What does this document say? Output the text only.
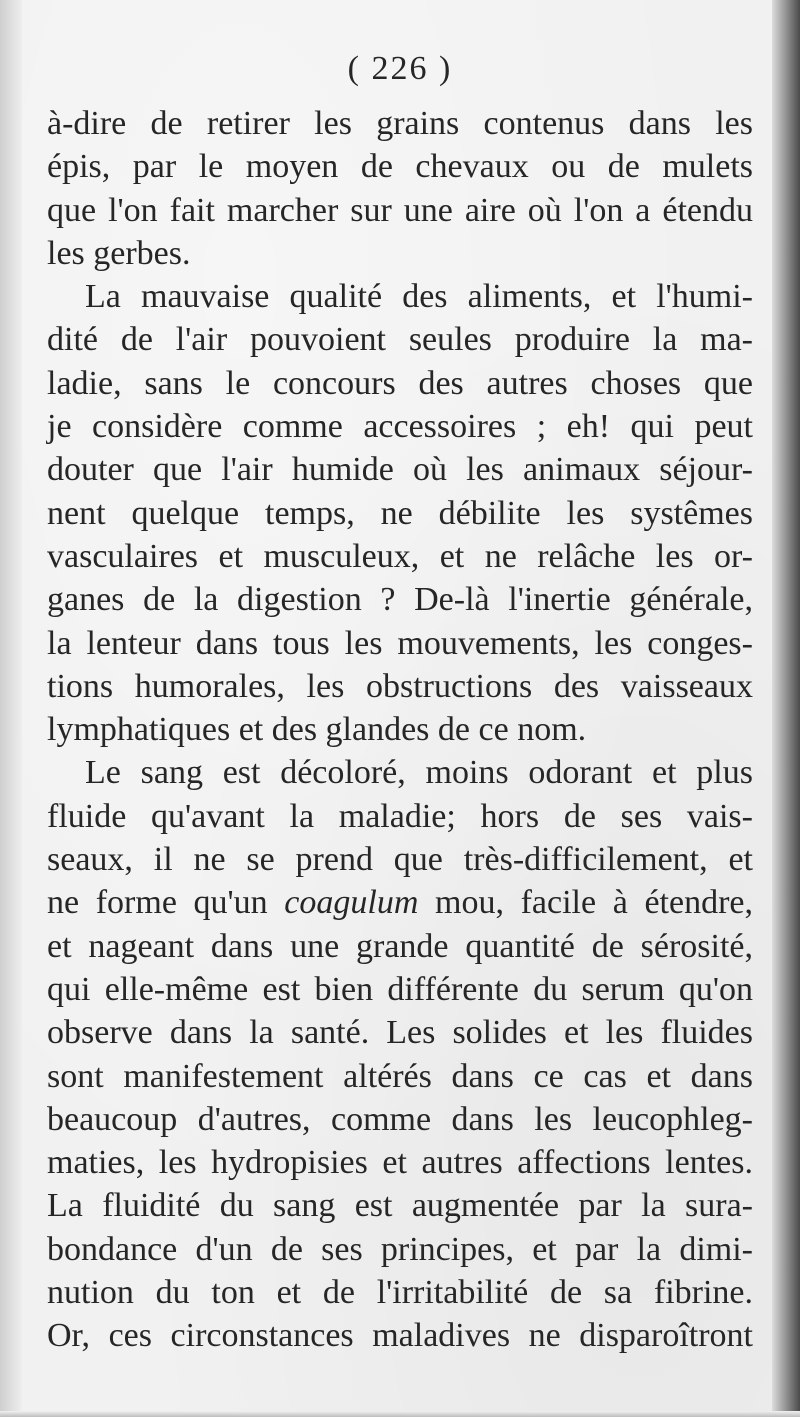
( 226 )
à-dire de retirer les grains contenus dans les
épis, par le moyen de chevaux ou de mulets
que l'on fait marcher sur une aire où l'on a étendu
les gerbes.
La mauvaise qualité des aliments, et l'humi-
dité de l'air pouvoient seules produire la ma-
ladie, sans le concours des autres choses que
je considère comme accessoires ; eh! qui peut
douter que l'air humide où les animaux séjour-
nent quelque temps, ne débilite les systêmes
vasculaires et musculeux, et ne relâche les or-
ganes de la digestion ? De-là l'inertie générale,
la lenteur dans tous les mouvements, les conges-
tions humorales, les obstructions des vaisseaux
lymphatiques et des glandes de ce nom.
Le sang est décoloré, moins odorant et plus
fluide qu'avant la maladie; hors de ses vais-
seaux, il ne se prend que très-difficilement, et
ne forme qu'un coagulum mou, facile à étendre,
et nageant dans une grande quantité de sérosité,
qui elle-même est bien différente du serum qu'on
observe dans la santé. Les solides et les fluides
sont manifestement altérés dans ce cas et dans
beaucoup d'autres, comme dans les leucophleg-
maties, les hydropisies et autres affections lentes.
La fluidité du sang est augmentée par la sura-
bondance d'un de ses principes, et par la dimi-
nution du ton et de l'irritabilité de sa fibrine.
Or, ces circonstances maladives ne disparoîtront
